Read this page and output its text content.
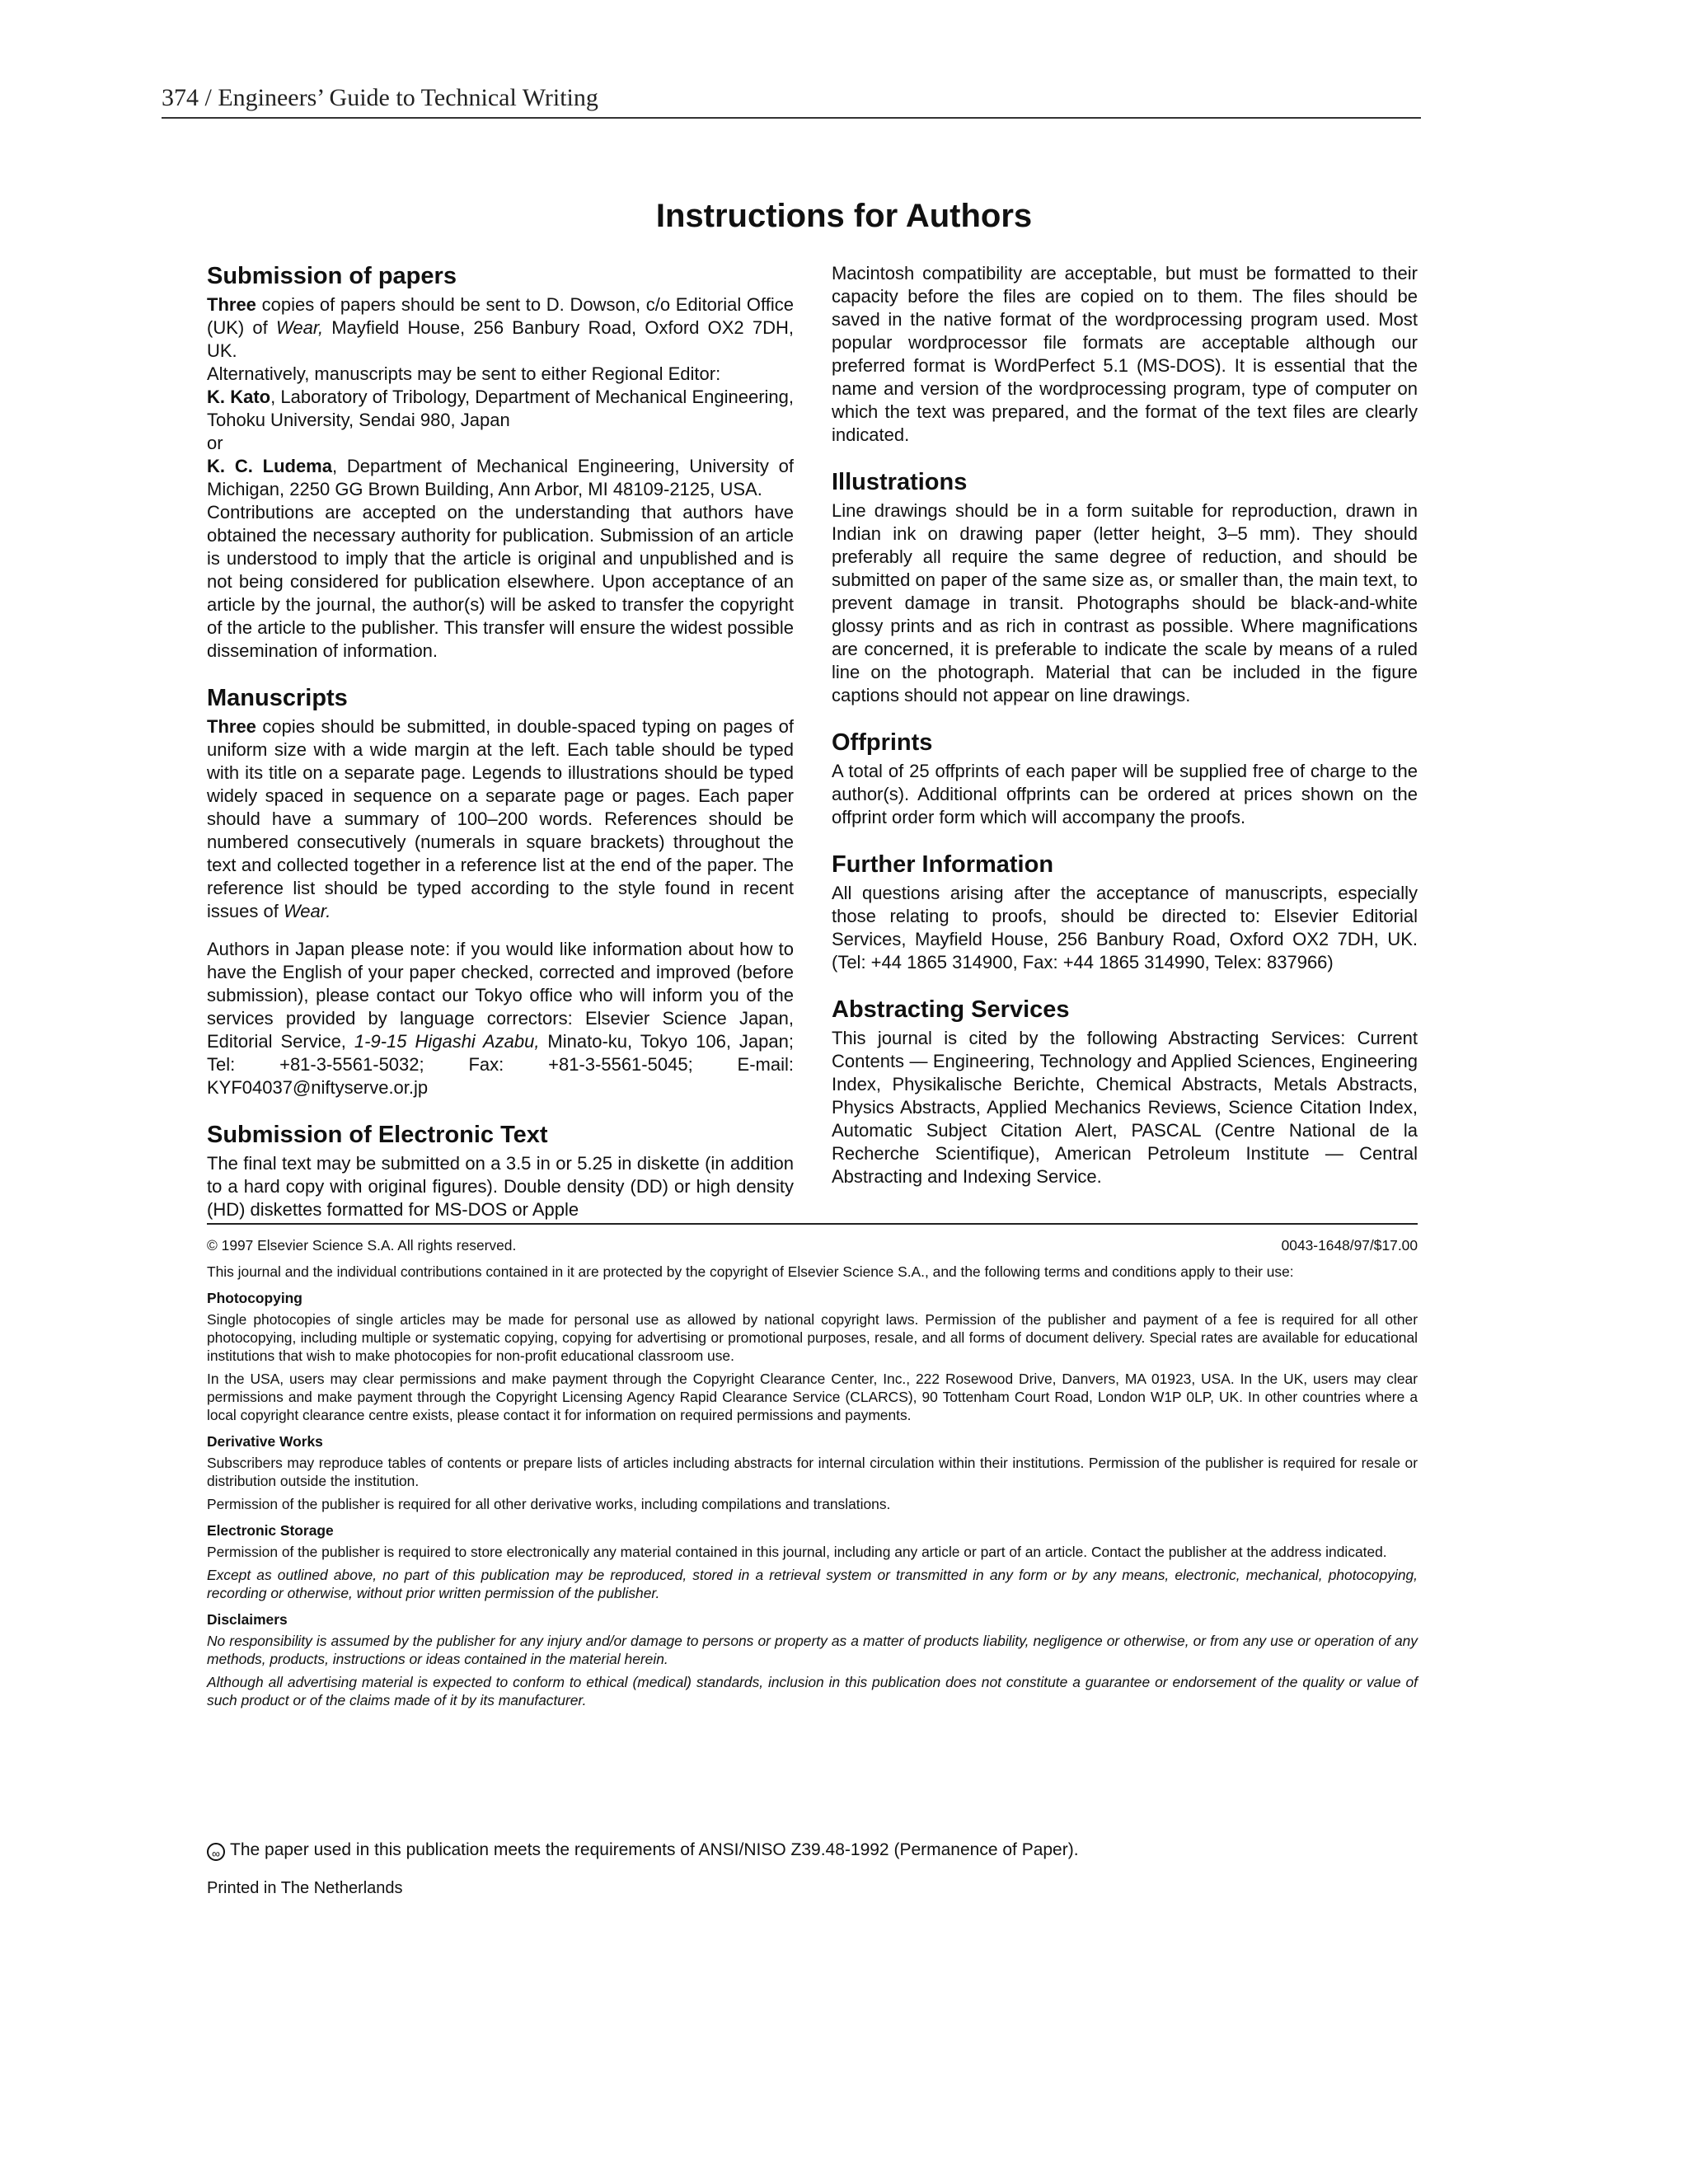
374 / Engineers’ Guide to Technical Writing
Instructions for Authors
Submission of papers

Three copies of papers should be sent to D. Dowson, c/o Editorial Office (UK) of Wear, Mayfield House, 256 Banbury Road, Oxford OX2 7DH, UK.

Alternatively, manuscripts may be sent to either Regional Editor:

K. Kato, Laboratory of Tribology, Department of Mechanical Engineering, Tohoku University, Sendai 980, Japan

or

K. C. Ludema, Department of Mechanical Engineering, University of Michigan, 2250 GG Brown Building, Ann Arbor, MI 48109-2125, USA.

Contributions are accepted on the understanding that authors have obtained the necessary authority for publication. Submission of an article is understood to imply that the article is original and unpublished and is not being considered for publication elsewhere. Upon acceptance of an article by the journal, the author(s) will be asked to transfer the copyright of the article to the publisher. This transfer will ensure the widest possible dissemination of information.

Manuscripts

Three copies should be submitted, in double-spaced typing on pages of uniform size with a wide margin at the left. Each table should be typed with its title on a separate page. Legends to illustrations should be typed widely spaced in sequence on a separate page or pages. Each paper should have a summary of 100–200 words. References should be numbered consecutively (numerals in square brackets) throughout the text and collected together in a reference list at the end of the paper. The reference list should be typed according to the style found in recent issues of Wear.

Authors in Japan please note: if you would like information about how to have the English of your paper checked, corrected and improved (before submission), please contact our Tokyo office who will inform you of the services provided by language correctors: Elsevier Science Japan, Editorial Service, 1-9-15 Higashi Azabu, Minato-ku, Tokyo 106, Japan; Tel: +81-3-5561-5032; Fax: +81-3-5561-5045; E-mail: KYF04037@niftyserve.or.jp

Submission of Electronic Text

The final text may be submitted on a 3.5 in or 5.25 in diskette (in addition to a hard copy with original figures). Double density (DD) or high density (HD) diskettes formatted for MS-DOS or Apple

Macintosh compatibility are acceptable, but must be formatted to their capacity before the files are copied on to them. The files should be saved in the native format of the wordprocessing program used. Most popular wordprocessor file formats are acceptable although our preferred format is WordPerfect 5.1 (MS-DOS). It is essential that the name and version of the wordprocessing program, type of computer on which the text was prepared, and the format of the text files are clearly indicated.

Illustrations

Line drawings should be in a form suitable for reproduction, drawn in Indian ink on drawing paper (letter height, 3–5 mm). They should preferably all require the same degree of reduction, and should be submitted on paper of the same size as, or smaller than, the main text, to prevent damage in transit. Photographs should be black-and-white glossy prints and as rich in contrast as possible. Where magnifications are concerned, it is preferable to indicate the scale by means of a ruled line on the photograph. Material that can be included in the figure captions should not appear on line drawings.

Offprints

A total of 25 offprints of each paper will be supplied free of charge to the author(s). Additional offprints can be ordered at prices shown on the offprint order form which will accompany the proofs.

Further Information

All questions arising after the acceptance of manuscripts, especially those relating to proofs, should be directed to: Elsevier Editorial Services, Mayfield House, 256 Banbury Road, Oxford OX2 7DH, UK. (Tel: +44 1865 314900, Fax: +44 1865 314990, Telex: 837966)

Abstracting Services

This journal is cited by the following Abstracting Services: Current Contents — Engineering, Technology and Applied Sciences, Engineering Index, Physikalische Berichte, Chemical Abstracts, Metals Abstracts, Physics Abstracts, Applied Mechanics Reviews, Science Citation Index, Automatic Subject Citation Alert, PASCAL (Centre National de la Recherche Scientifique), American Petroleum Institute — Central Abstracting and Indexing Service.

© 1997 Elsevier Science S.A. All rights reserved.	0043-1648/97/$17.00

This journal and the individual contributions contained in it are protected by the copyright of Elsevier Science S.A., and the following terms and conditions apply to their use:

Photocopying

Single photocopies of single articles may be made for personal use as allowed by national copyright laws. Permission of the publisher and payment of a fee is required for all other photocopying, including multiple or systematic copying, copying for advertising or promotional purposes, resale, and all forms of document delivery. Special rates are available for educational institutions that wish to make photocopies for non-profit educational classroom use.

In the USA, users may clear permissions and make payment through the Copyright Clearance Center, Inc., 222 Rosewood Drive, Danvers, MA 01923, USA. In the UK, users may clear permissions and make payment through the Copyright Licensing Agency Rapid Clearance Service (CLARCS), 90 Tottenham Court Road, London W1P 0LP, UK. In other countries where a local copyright clearance centre exists, please contact it for information on required permissions and payments.

Derivative Works

Subscribers may reproduce tables of contents or prepare lists of articles including abstracts for internal circulation within their institutions. Permission of the publisher is required for resale or distribution outside the institution.

Permission of the publisher is required for all other derivative works, including compilations and translations.

Electronic Storage

Permission of the publisher is required to store electronically any material contained in this journal, including any article or part of an article. Contact the publisher at the address indicated.

Except as outlined above, no part of this publication may be reproduced, stored in a retrieval system or transmitted in any form or by any means, electronic, mechanical, photocopying, recording or otherwise, without prior written permission of the publisher.

Disclaimers

No responsibility is assumed by the publisher for any injury and/or damage to persons or property as a matter of products liability, negligence or otherwise, or from any use or operation of any methods, products, instructions or ideas contained in the material herein.

Although all advertising material is expected to conform to ethical (medical) standards, inclusion in this publication does not constitute a guarantee or endorsement of the quality or value of such product or of the claims made of it by its manufacturer.

∞ The paper used in this publication meets the requirements of ANSI/NISO Z39.48-1992 (Permanence of Paper).
Printed in The Netherlands
